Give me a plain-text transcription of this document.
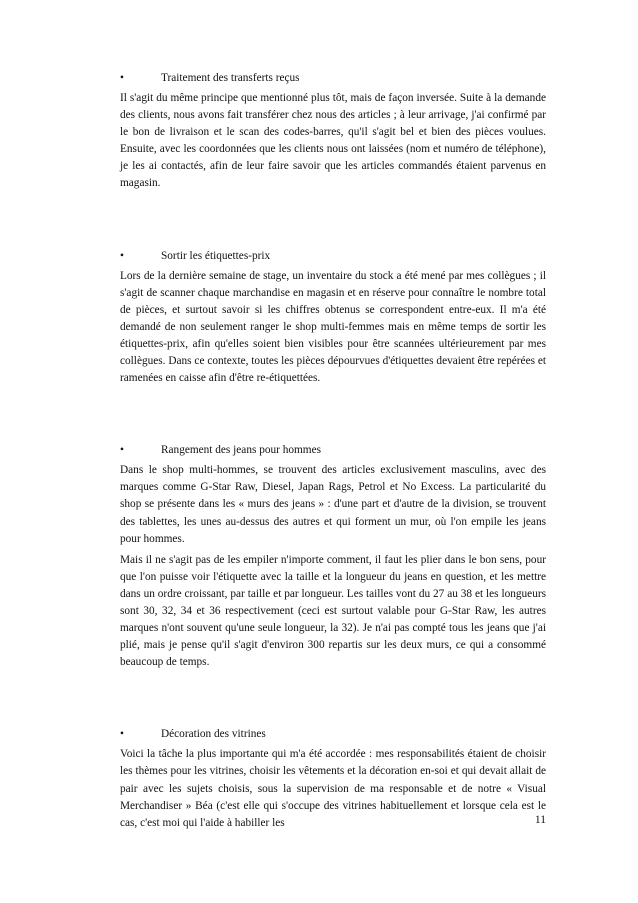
•	Traitement des transferts reçus

Il s'agit du même principe que mentionné plus tôt, mais de façon inversée. Suite à la demande des clients, nous avons fait transférer chez nous des articles ; à leur arrivage, j'ai confirmé par le bon de livraison et le scan des codes-barres, qu'il s'agit bel et bien des pièces voulues. Ensuite, avec les coordonnées que les clients nous ont laissées (nom et numéro de téléphone), je les ai contactés, afin de leur faire savoir que les articles commandés étaient parvenus en magasin.

•	Sortir les étiquettes-prix

Lors de la dernière semaine de stage, un inventaire du stock a été mené par mes collègues ; il s'agit de scanner chaque marchandise en magasin et en réserve pour connaître le nombre total de pièces, et surtout savoir si les chiffres obtenus se correspondent entre-eux. Il m'a été demandé de non seulement ranger le shop multi-femmes mais en même temps de sortir les étiquettes-prix, afin qu'elles soient bien visibles pour être scannées ultérieurement par mes collègues. Dans ce contexte, toutes les pièces dépourvues d'étiquettes devaient être repérées et ramenées en caisse afin d'être re-étiquettées.

•	Rangement des jeans pour hommes

Dans le shop multi-hommes, se trouvent des articles exclusivement masculins, avec des marques comme G-Star Raw, Diesel, Japan Rags, Petrol et No Excess. La particularité du shop se présente dans les « murs des jeans » : d'une part et d'autre de la division, se trouvent des tablettes, les unes au-dessus des autres et qui forment un mur, où l'on empile les jeans pour hommes.

Mais il ne s'agit pas de les empiler n'importe comment, il faut les plier dans le bon sens, pour que l'on puisse voir l'étiquette avec la taille et la longueur du jeans en question, et les mettre dans un ordre croissant, par taille et par longueur. Les tailles vont du 27 au 38 et les longueurs sont 30, 32, 34 et 36 respectivement (ceci est surtout valable pour G-Star Raw, les autres marques n'ont souvent qu'une seule longueur, la 32). Je n'ai pas compté tous les jeans que j'ai plié, mais je pense qu'il s'agit d'environ 300 repartis sur les deux murs, ce qui a consommé beaucoup de temps.

•	Décoration des vitrines

Voici la tâche la plus importante qui m'a été accordée : mes responsabilités étaient de choisir les thèmes pour les vitrines, choisir les vêtements et la décoration en-soi et qui devait allait de pair avec les sujets choisis, sous la supervision de ma responsable et de notre « Visual Merchandiser » Béa (c'est elle qui s'occupe des vitrines habituellement et lorsque cela est le cas, c'est moi qui l'aide à habiller les	11
